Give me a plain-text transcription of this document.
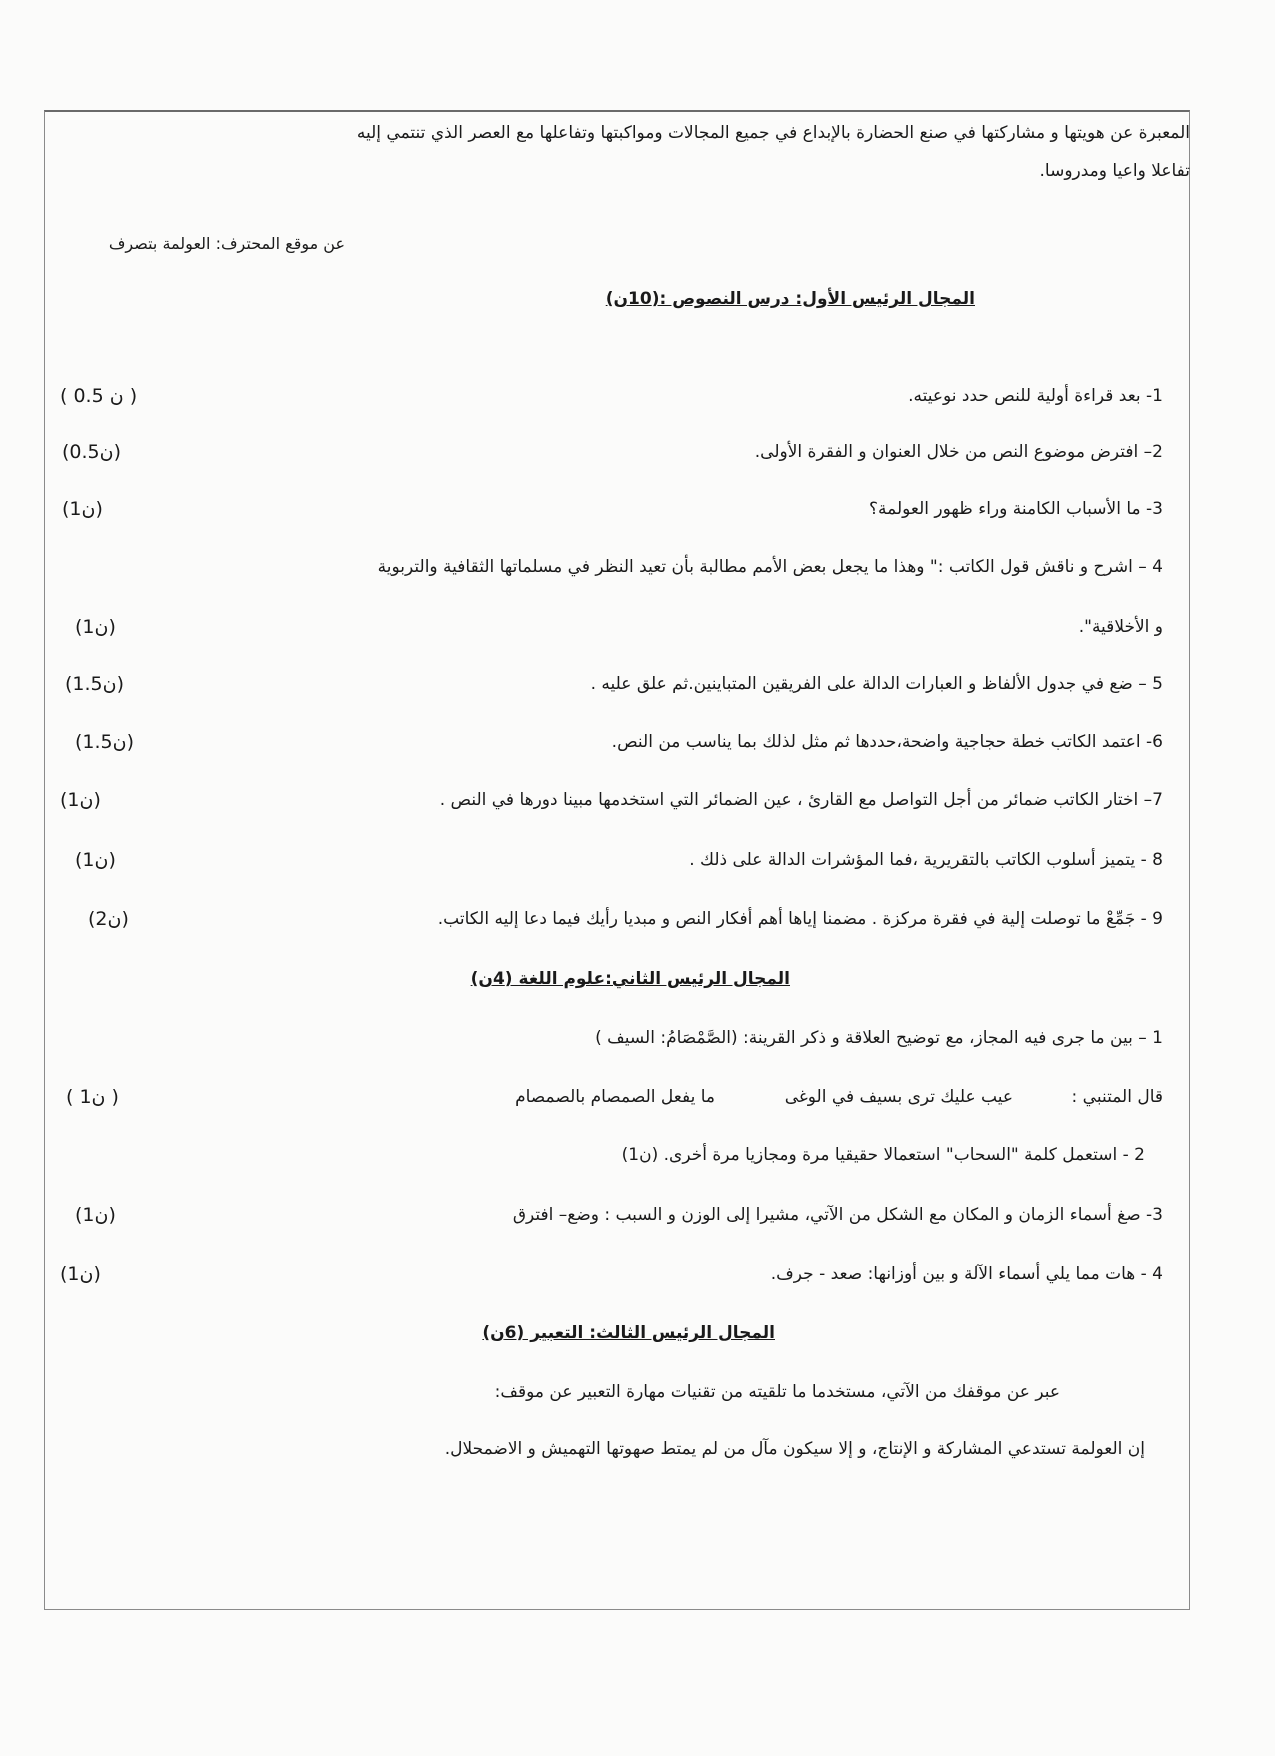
المعبرة عن هويتها و مشاركتها في صنع الحضارة بالإبداع في جميع المجالات ومواكبتها وتفاعلها مع العصر الذي تنتمي إليه
تفاعلا واعيا ومدروسا.
عن موقع المحترف: العولمة بتصرف
المجال الرئيس الأول: درس النصوص :(10ن)
1- بعد قراءة أولية للنص حدد نوعيته.
( 0.5 ن )
2– افترض موضوع النص من خلال العنوان و الفقرة الأولى.
(ن0.5)
3- ما الأسباب الكامنة وراء ظهور العولمة؟
(ن1)
4 – اشرح و ناقش قول الكاتب :" وهذا ما يجعل بعض الأمم مطالبة بأن تعيد النظر في مسلماتها الثقافية والتربوية
و الأخلاقية".
(ن1)
5 – ضع في جدول الألفاظ و العبارات الدالة على الفريقين المتباينين.ثم علق عليه .
(ن1.5)
6- اعتمد الكاتب خطة حجاجية واضحة،حددها ثم مثل لذلك بما يناسب من النص.
(ن1.5)
7– اختار الكاتب ضمائر من أجل التواصل مع القارئ ، عين الضمائر التي استخدمها مبينا دورها في النص .
(ن1)
8 - يتميز أسلوب الكاتب بالتقريرية ،فما المؤشرات الدالة على ذلك .
(ن1)
9 - جَمِّعْ ما توصلت إلية في فقرة مركزة . مضمنا إياها أهم أفكار النص و مبديا رأيك فيما دعا إليه الكاتب.
(ن2)
المجال الرئيس الثاني:علوم اللغة (4ن)
1 – بين ما جرى فيه المجاز، مع توضيح العلاقة و ذكر القرينة: (الصَّمْصَامُ: السيف )
قال المتنبي :
عيب عليك ترى بسيف في الوغى
ما يفعل الصمصام بالصمصام
( ن1 )
2 - استعمل كلمة "السحاب" استعمالا حقيقيا مرة ومجازيا مرة أخرى. (ن1)
3- صغ أسماء الزمان و المكان مع الشكل من الآتي، مشيرا إلى الوزن و السبب : وضع– افترق
(ن1)
4 - هات مما يلي أسماء الآلة و بين أوزانها: صعد - جرف.
(ن1)
المجال الرئيس الثالث: التعبير (6ن)
عبر عن موقفك من الآتي، مستخدما ما تلقيته من تقنيات مهارة التعبير عن موقف:
إن العولمة تستدعي المشاركة و الإنتاج، و إلا سيكون مآل من لم يمتط صهوتها التهميش و الاضمحلال.
